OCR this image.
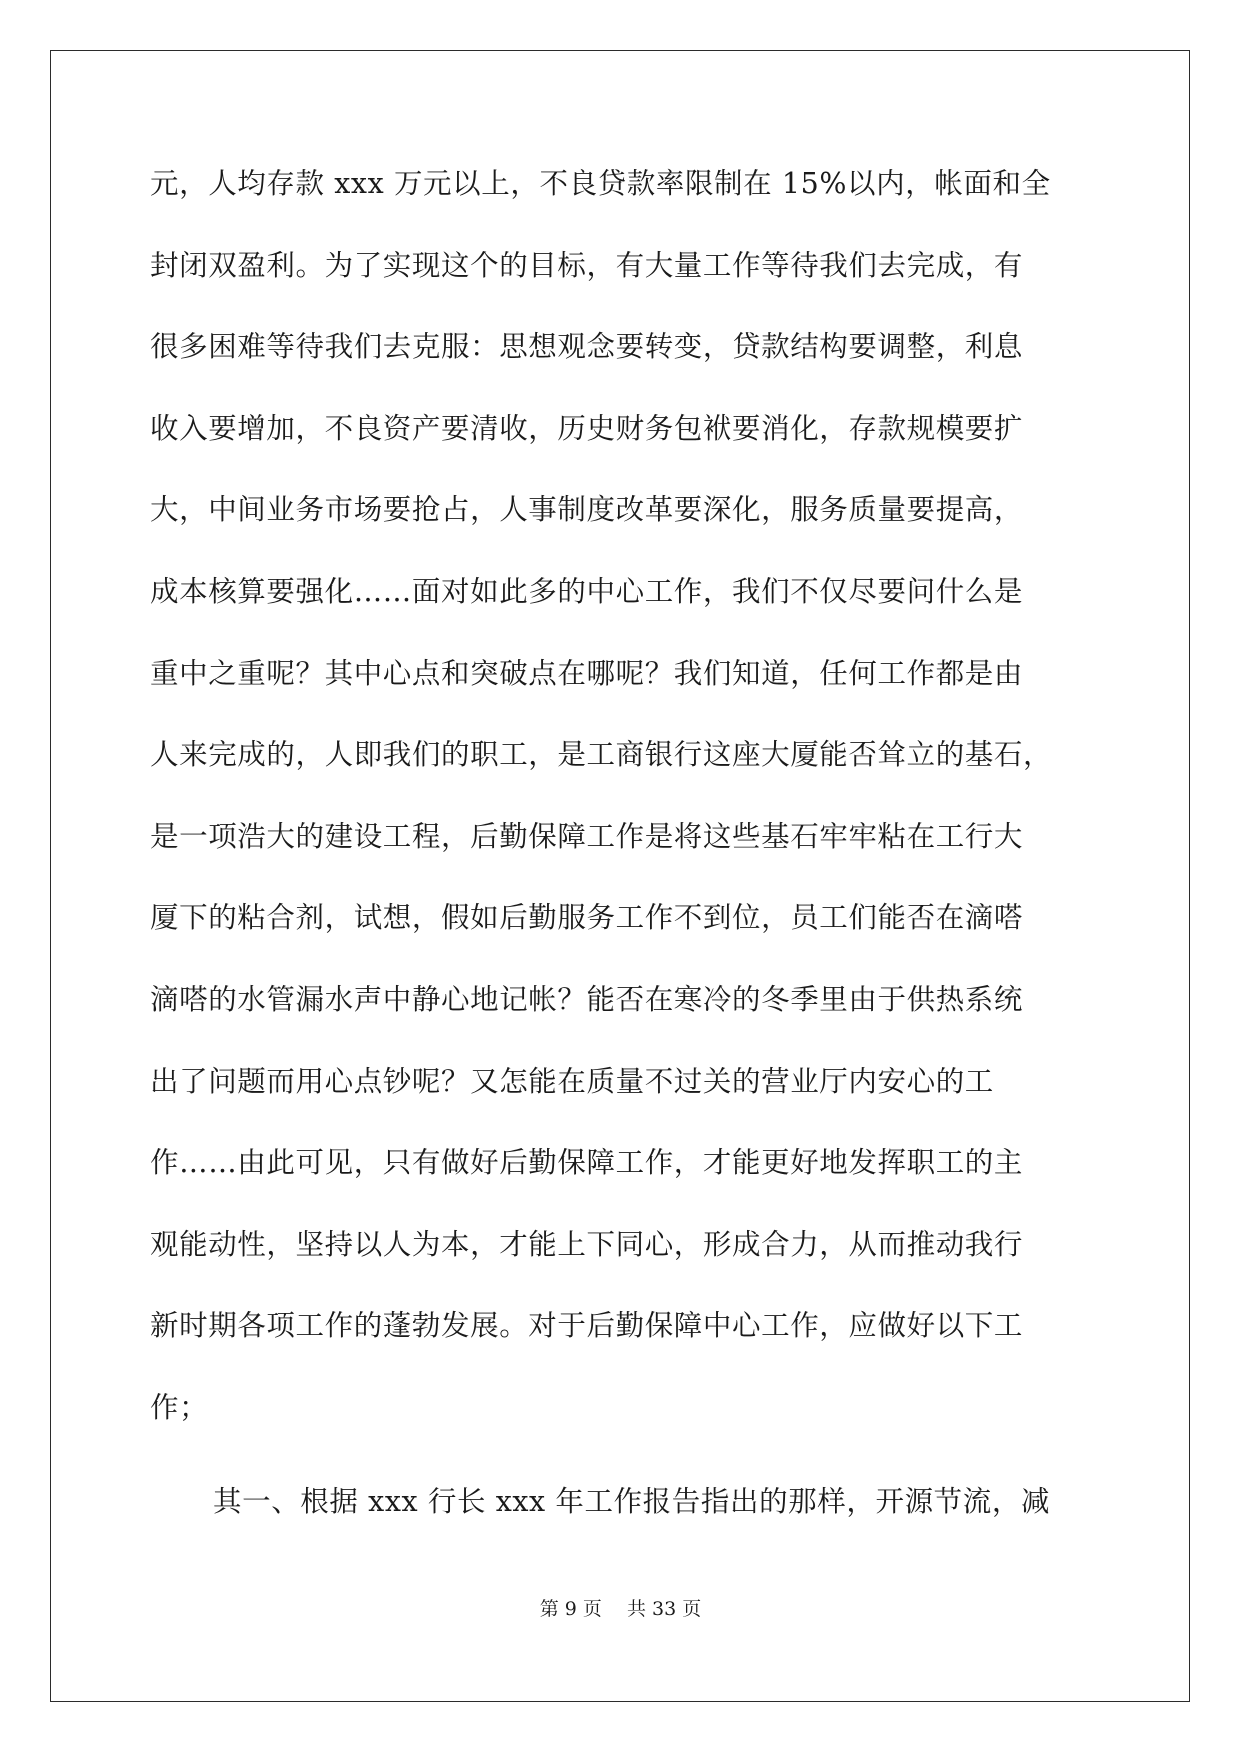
元，人均存款 xxx 万元以上，不良贷款率限制在 15%以内，帐面和全
封闭双盈利。为了实现这个的目标，有大量工作等待我们去完成，有
很多困难等待我们去克服：思想观念要转变，贷款结构要调整，利息
收入要增加，不良资产要清收，历史财务包袱要消化，存款规模要扩
大，中间业务市场要抢占，人事制度改革要深化，服务质量要提高，
成本核算要强化……面对如此多的中心工作，我们不仅尽要问什么是
重中之重呢？其中心点和突破点在哪呢？我们知道，任何工作都是由
人来完成的，人即我们的职工，是工商银行这座大厦能否耸立的基石，
是一项浩大的建设工程，后勤保障工作是将这些基石牢牢粘在工行大
厦下的粘合剂，试想，假如后勤服务工作不到位，员工们能否在滴嗒
滴嗒的水管漏水声中静心地记帐？能否在寒冷的冬季里由于供热系统
出了问题而用心点钞呢？又怎能在质量不过关的营业厅内安心的工
作……由此可见，只有做好后勤保障工作，才能更好地发挥职工的主
观能动性，坚持以人为本，才能上下同心，形成合力，从而推动我行
新时期各项工作的蓬勃发展。对于后勤保障中心工作，应做好以下工
作；
其一、根据 xxx 行长 xxx 年工作报告指出的那样，开源节流，减
第 9 页　 共 33 页
